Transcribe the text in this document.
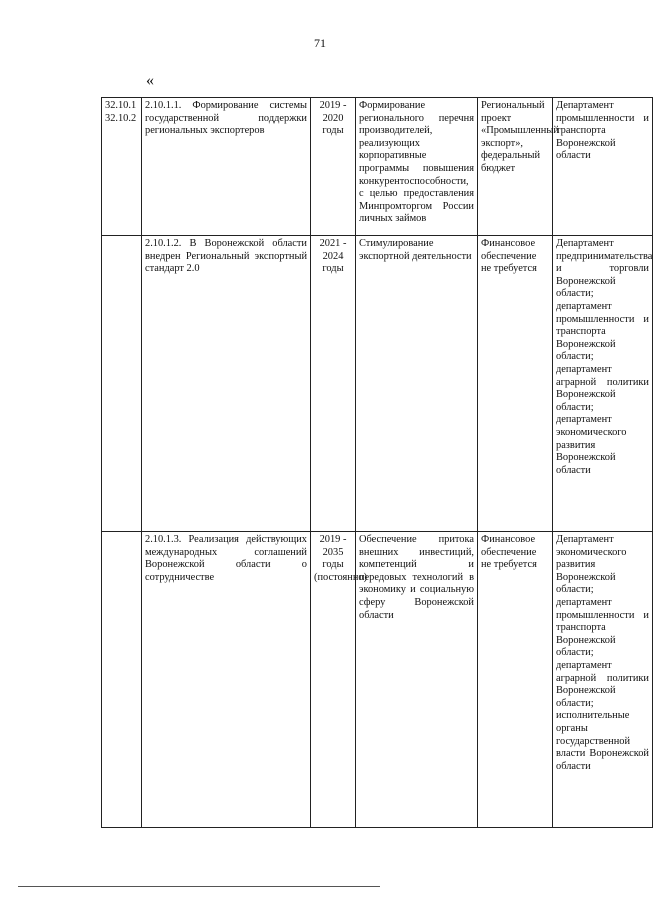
71
«
32.10.1
32.10.2	2.10.1.1. Формирование системы государственной поддержки региональных экспортеров	2019 - 2020 годы	Формирование регионального перечня производителей, реализующих корпоративные программы повышения конкурентоспособности, с целью предоставления Минпромторгом России личных займов	Региональный проект «Промышленный экспорт», федеральный бюджет	Департамент промышленности и транспорта Воронежской области
	2.10.1.2. В Воронежской области внедрен Региональный экспортный стандарт 2.0	2021 - 2024 годы	Стимулирование экспортной деятельности	Финансовое обеспечение не требуется	Департамент предпринимательства и торговли Воронежской области; департамент промышленности и транспорта Воронежской области; департамент аграрной политики Воронежской области; департамент экономического развития Воронежской области
	2.10.1.3. Реализация действующих международных соглашений Воронежской области о сотрудничестве	2019 - 2035 годы (постоянно)	Обеспечение притока внешних инвестиций, компетенций и передовых технологий в экономику и социальную сферу Воронежской области	Финансовое обеспечение не требуется	Департамент экономического развития Воронежской области; департамент промышленности и транспорта Воронежской области; департамент аграрной политики Воронежской области; исполнительные органы государственной власти Воронежской области
